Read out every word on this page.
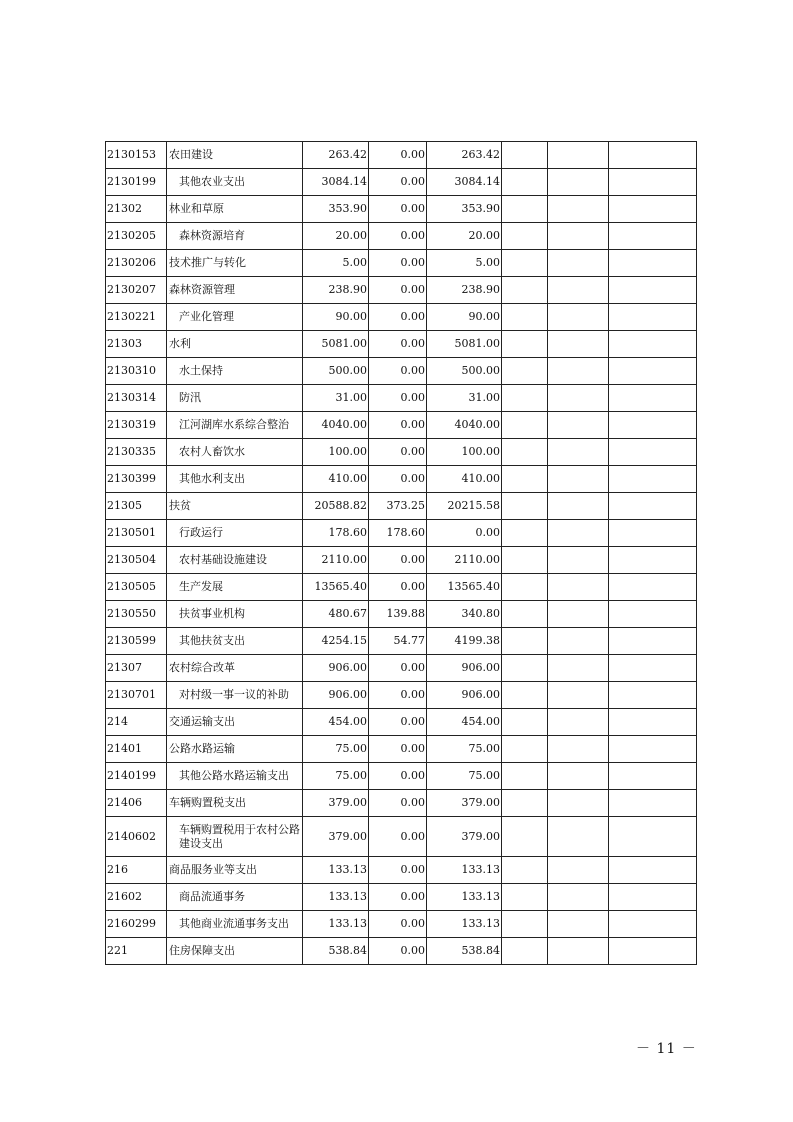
2130153	农田建设	263.42	0.00	263.42			
2130199	其他农业支出	3084.14	0.00	3084.14			
21302	林业和草原	353.90	0.00	353.90			
2130205	森林资源培育	20.00	0.00	20.00			
2130206	技术推广与转化	5.00	0.00	5.00			
2130207	森林资源管理	238.90	0.00	238.90			
2130221	产业化管理	90.00	0.00	90.00			
21303	水利	5081.00	0.00	5081.00			
2130310	水土保持	500.00	0.00	500.00			
2130314	防汛	31.00	0.00	31.00			
2130319	江河湖库水系综合整治	4040.00	0.00	4040.00			
2130335	农村人畜饮水	100.00	0.00	100.00			
2130399	其他水利支出	410.00	0.00	410.00			
21305	扶贫	20588.82	373.25	20215.58			
2130501	行政运行	178.60	178.60	0.00			
2130504	农村基础设施建设	2110.00	0.00	2110.00			
2130505	生产发展	13565.40	0.00	13565.40			
2130550	扶贫事业机构	480.67	139.88	340.80			
2130599	其他扶贫支出	4254.15	54.77	4199.38			
21307	农村综合改革	906.00	0.00	906.00			
2130701	对村级一事一议的补助	906.00	0.00	906.00			
214	交通运输支出	454.00	0.00	454.00			
21401	公路水路运输	75.00	0.00	75.00			
2140199	其他公路水路运输支出	75.00	0.00	75.00			
21406	车辆购置税支出	379.00	0.00	379.00			
2140602	车辆购置税用于农村公路建设支出	379.00	0.00	379.00			
216	商品服务业等支出	133.13	0.00	133.13			
21602	商品流通事务	133.13	0.00	133.13			
2160299	其他商业流通事务支出	133.13	0.00	133.13			
221	住房保障支出	538.84	0.00	538.84			
－ 11 －
